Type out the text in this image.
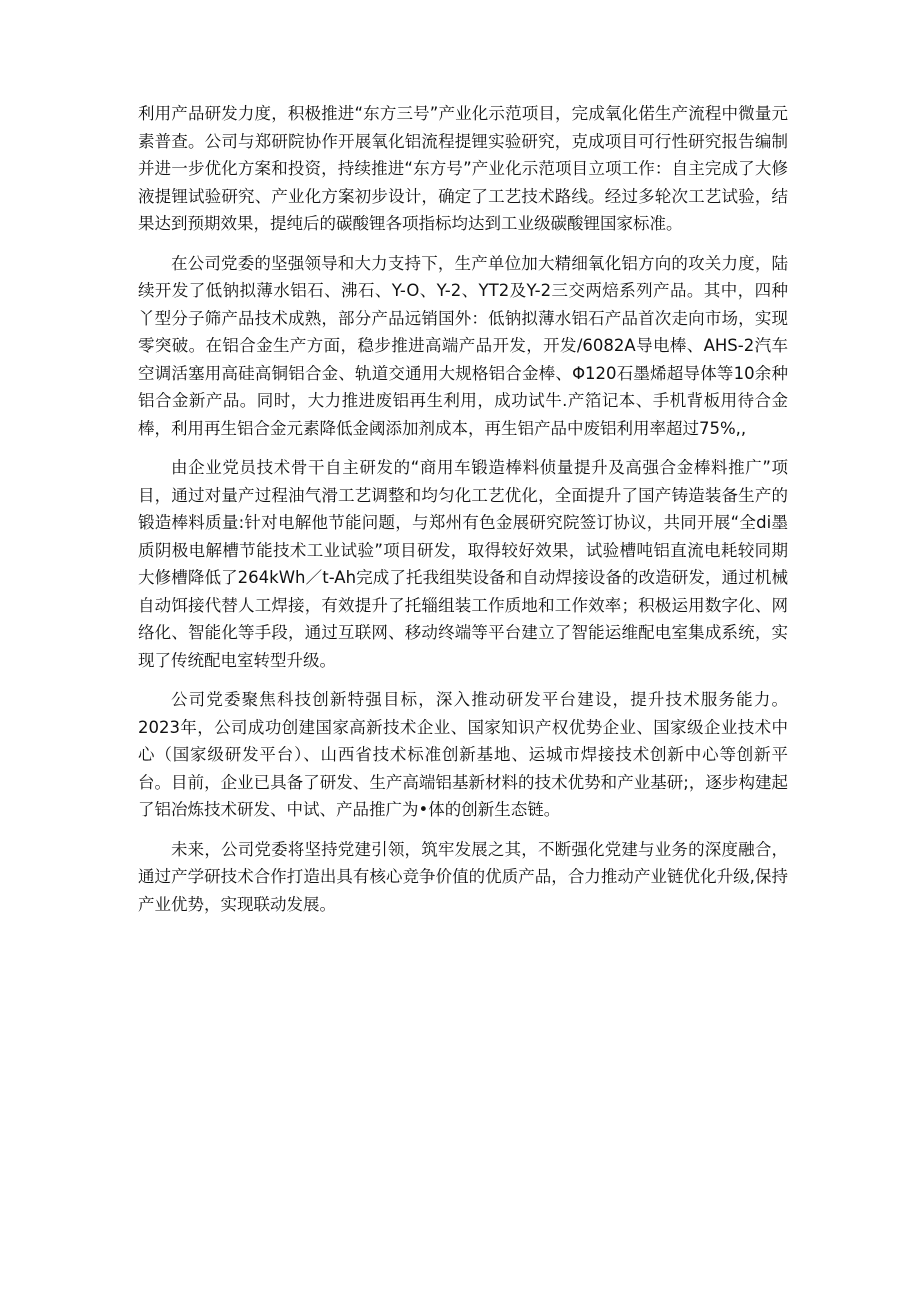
利用产品研发力度，积极推进“东方三号”产业化示范项目，完成氧化偌生产流程中微量元素普查。公司与郑研院协作开展氧化铝流程提锂实验研究，克成项目可行性研究报告编制并进一步优化方案和投资，持续推进“东方号”产业化示范项目立项工作：自主完成了大修液提锂试验研究、产业化方案初步设计，确定了工艺技术路线。经过多轮次工艺试验，结果达到预期效果，提纯后的碳酸锂各项指标均达到工业级碳酸锂国家标准。

在公司党委的坚强领导和大力支持下，生产单位加大精细氧化铝方向的攻关力度，陆续开发了低钠拟薄水铝石、沸石、Y-O、Y-2、YT2及Y-2三交两焙系列产品。其中，四种丫型分子筛产品技术成熟，部分产品远销国外：低钠拟薄水铝石产品首次走向市场，实现零突破。在铝合金生产方面，稳步推进高端产品开发，开发/6082A导电棒、AHS-2汽车空调活塞用高硅高铜铝合金、轨道交通用大规格铝合金棒、Φ120石墨烯超导体等10余种铝合金新产品。同时，大力推进废铝再生利用，成功试牛.产箔记本、手机背板用待合金棒，利用再生铝合金元素降低金阈添加剂成本，再生铝产品中废铝利用率超过75%,,

由企业党员技术骨干自主研发的“商用车锻造棒料侦量提升及高强合金棒料推广”项目，通过对量产过程油气滑工艺调整和均匀化工艺优化，全面提升了国产铸造装备生产的锻造棒料质量:针对电解他节能问题，与郑州有色金展研究院签订协议，共同开展“全di墨质阴极电解槽节能技术工业试验”项目研发，取得较好效果，试验槽吨铝直流电耗较同期大修槽降低了264kWh／t-Ah完成了托我组奘设备和自动焊接设备的改造研发，通过机械自动饵接代替人工焊接，有效提升了托辎组装工作质地和工作效率；积极运用数字化、网络化、智能化等手段，通过互联网、移动终端等平台建立了智能运维配电室集成系统，实现了传统配电室转型升级。

公司党委聚焦科技创新特强目标，深入推动研发平台建设，提升技术服务能力。2023年，公司成功创建国家高新技术企业、国家知识产权优势企业、国家级企业技术中心（国家级研发平台）、山西省技术标准创新基地、运城市焊接技术创新中心等创新平台。目前，企业已具备了研发、生产高端铝基新材料的技术优势和产业基研;，逐步构建起了铝冶炼技术研发、中试、产品推广为•体的创新生态链。

未来，公司党委将坚持党建引领，筑牢发展之其，不断强化党建与业务的深度融合，通过产学研技术合作打造出具有核心竞争价值的优质产品，合力推动产业链优化升级,保持产业优势，实现联动发展。
